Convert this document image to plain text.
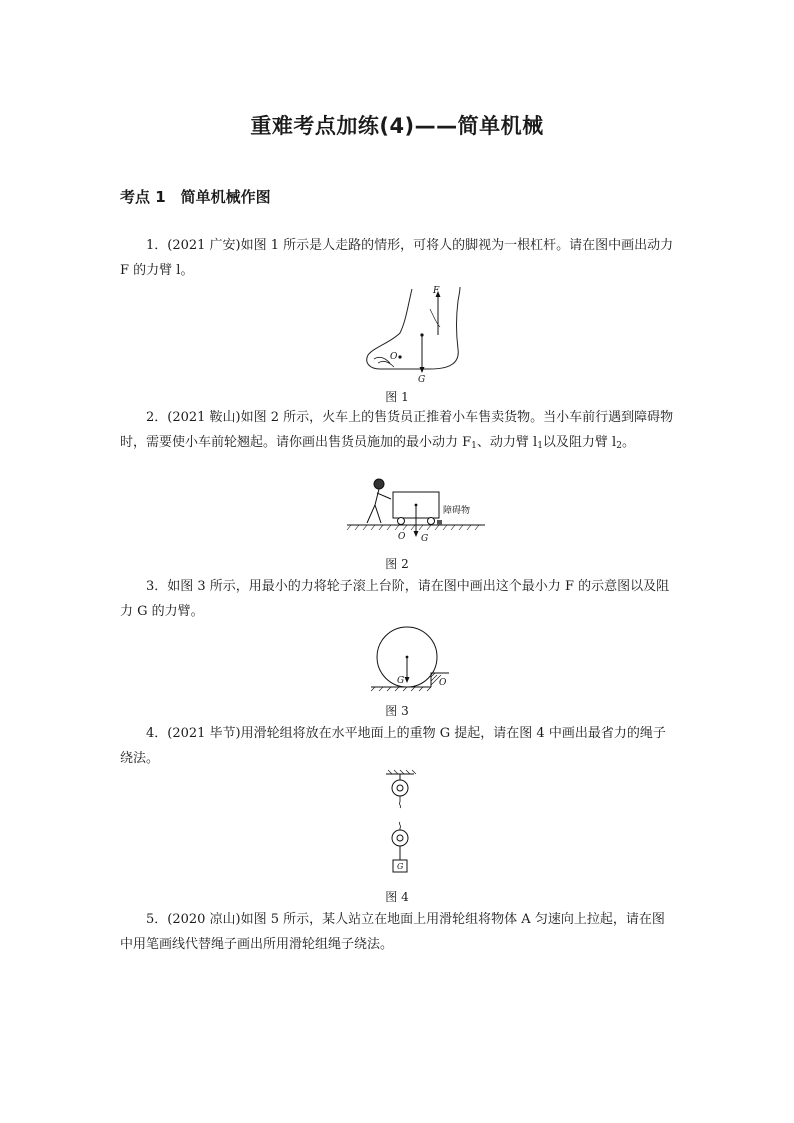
重难考点加练(4)——简单机械
考点 1　简单机械作图

1．(2021 广安)如图 1 所示是人走路的情形，可将人的脚视为一根杠杆。请在图中画出动力 F 的力臂 l。

F
O
G
图 1

2．(2021 鞍山)如图 2 所示，火车上的售货员正推着小车售卖货物。当小车前行遇到障碍物时，需要使小车前轮翘起。请你画出售货员施加的最小动力 $F_1$、动力臂 $l_1$以及阻力臂 $l_2$。

O G
障碍物
图 2

3．如图 3 所示，用最小的力将轮子滚上台阶，请在图中画出这个最小力 F 的示意图以及阻力 G 的力臂。

G	O
图 3

4．(2021 毕节)用滑轮组将放在水平地面上的重物 G 提起，请在图 4 中画出最省力的绳子绕法。

G
图 4

5．(2020 凉山)如图 5 所示，某人站立在地面上用滑轮组将物体 A 匀速向上拉起，请在图中用笔画线代替绳子画出所用滑轮组绳子绕法。
